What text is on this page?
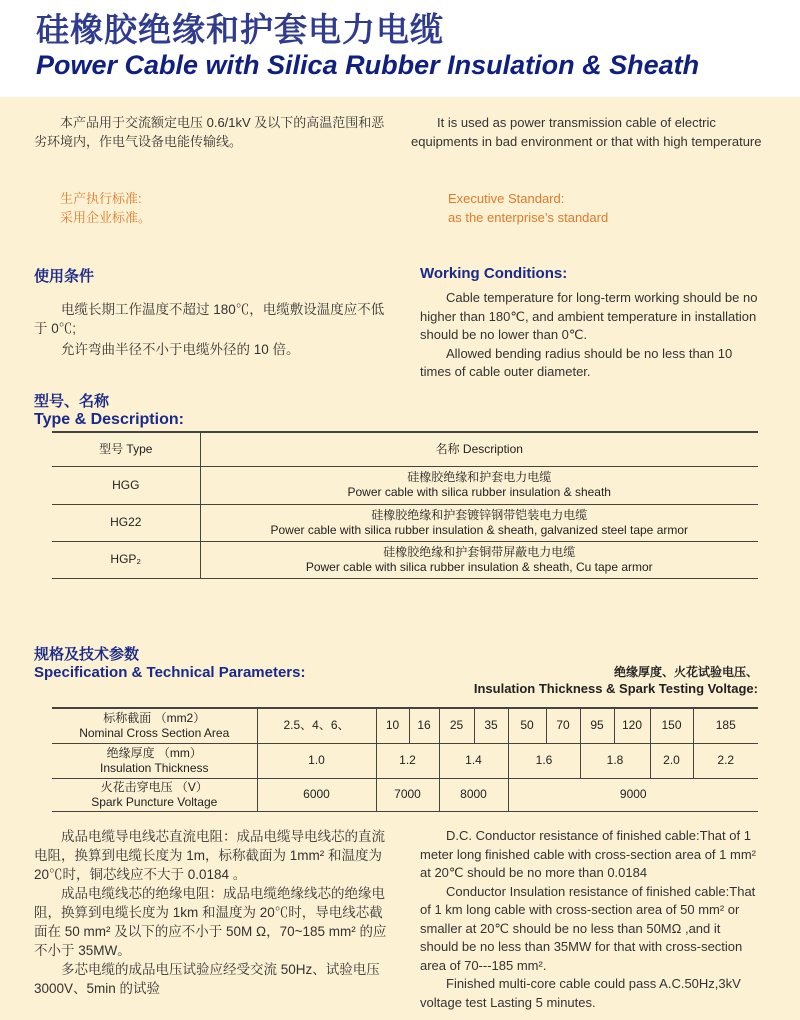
硅橡胶绝缘和护套电力电缆
Power Cable with Silica Rubber Insulation & Sheath
本产品用于交流额定电压 0.6/1kV 及以下的高温范围和恶劣环境内，作电气设备电能传输线。
It is used as power transmission cable of electric equipments in bad environment or that with high temperature
生产执行标准:
采用企业标准。
Executive Standard:
as the enterprise’s standard
使用条件	Working Conditions:
电缆长期工作温度不超过 180℃，电缆敷设温度应不低于 0℃;
允许弯曲半径不小于电缆外径的 10 倍。
Cable temperature for long-term working should be no higher than 180℃, and ambient temperature in installation should be no lower than 0℃.
Allowed bending radius should be no less than 10 times of cable outer diameter.
型号、名称
Type & Description:
型号 Type	名称 Description
HGG	硅橡胶绝缘和护套电力电缆
Power cable with silica rubber insulation & sheath

HG22	硅橡胶绝缘和护套镀锌钢带铠装电力电缆
Power cable with silica rubber insulation & sheath, galvanized steel tape armor

HGP₂	硅橡胶绝缘和护套铜带屏蔽电力电缆
Power cable with silica rubber insulation & sheath, Cu tape armor
规格及技术参数
Specification & Technical Parameters:	绝缘厚度、火花试验电压、
Insulation Thickness & Spark Testing Voltage:
标称截面 （mm2）
Nominal Cross Section Area	2.5、4、6、	10	16	25	35	50	70	95	120	150	185

绝缘厚度 （mm）
Insulation Thickness	1.0	1.2		1.4		1.6		1.8		2.0	2.2

火花击穿电压 （V）
Spark Puncture Voltage	6000	7000		8000		9000					
成品电缆导电线芯直流电阻：成品电缆导电线芯的直流电阻，换算到电缆长度为 1m，标称截面为 1mm² 和温度为 20℃时，铜芯线应不大于 0.0184 。
成品电缆线芯的绝缘电阻：成品电缆绝缘线芯的绝缘电阻，换算到电缆长度为 1km 和温度为 20℃时，导电线芯截面在 50 mm² 及以下的应不小于 50M Ω，70~185 mm² 的应不小于 35MW。
多芯电缆的成品电压试验应经受交流 50Hz、试验电压 3000V、5min 的试验
D.C. Conductor resistance of finished cable:That of 1 meter long finished cable with cross-section area of 1 mm² at 20℃ should be no more than 0.0184
Conductor Insulation resistance of finished cable:That of 1 km long cable with cross-section area of 50 mm² or smaller at 20℃ should be no less than 50MΩ ,and it should be no less than 35MW for that with cross-section area of 70---185 mm².
Finished multi-core cable could pass A.C.50Hz,3kV voltage test Lasting 5 minutes.
